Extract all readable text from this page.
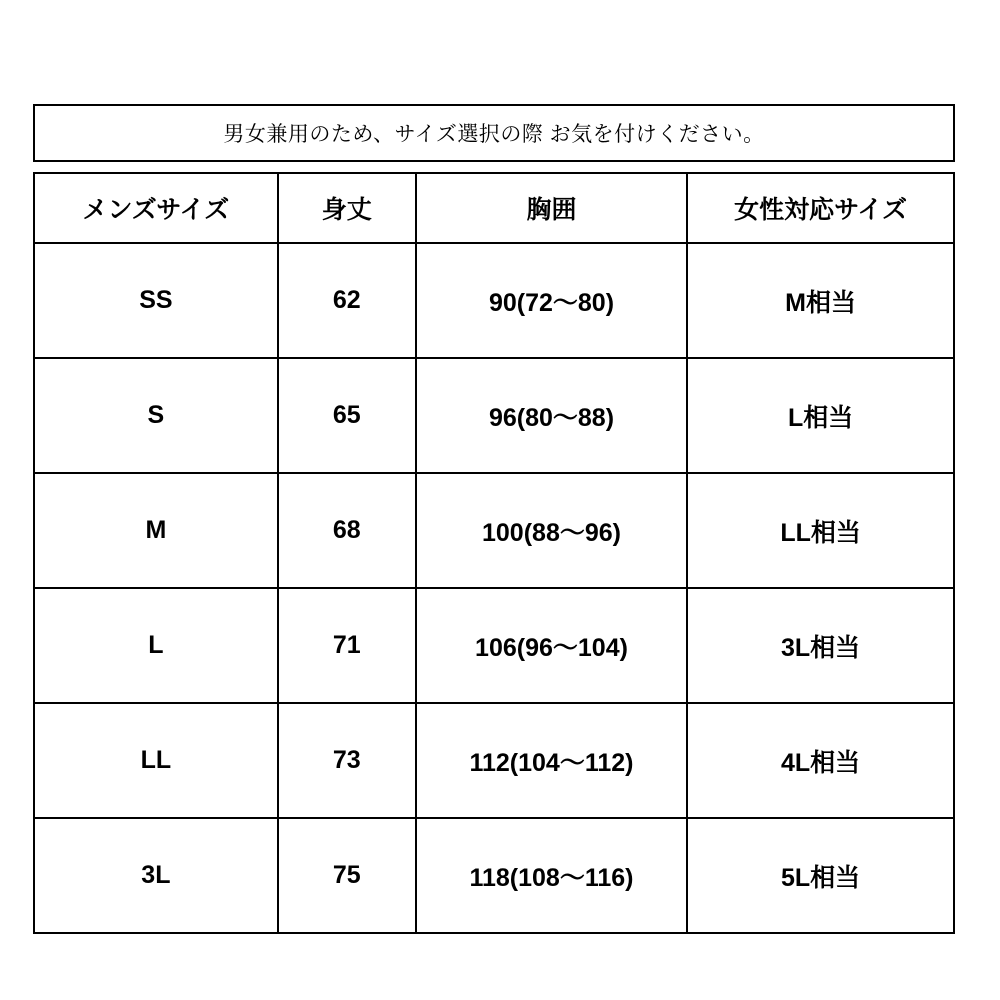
男女兼用のため、サイズ選択の際 お気を付けください。
メンズサイズ	身丈	胸囲	女性対応サイズ
SS	62	90(72〜80)	M相当
S	65	96(80〜88)	L相当
M	68	100(88〜96)	LL相当
L	71	106(96〜104)	3L相当
LL	73	112(104〜112)	4L相当
3L	75	118(108〜116)	5L相当
